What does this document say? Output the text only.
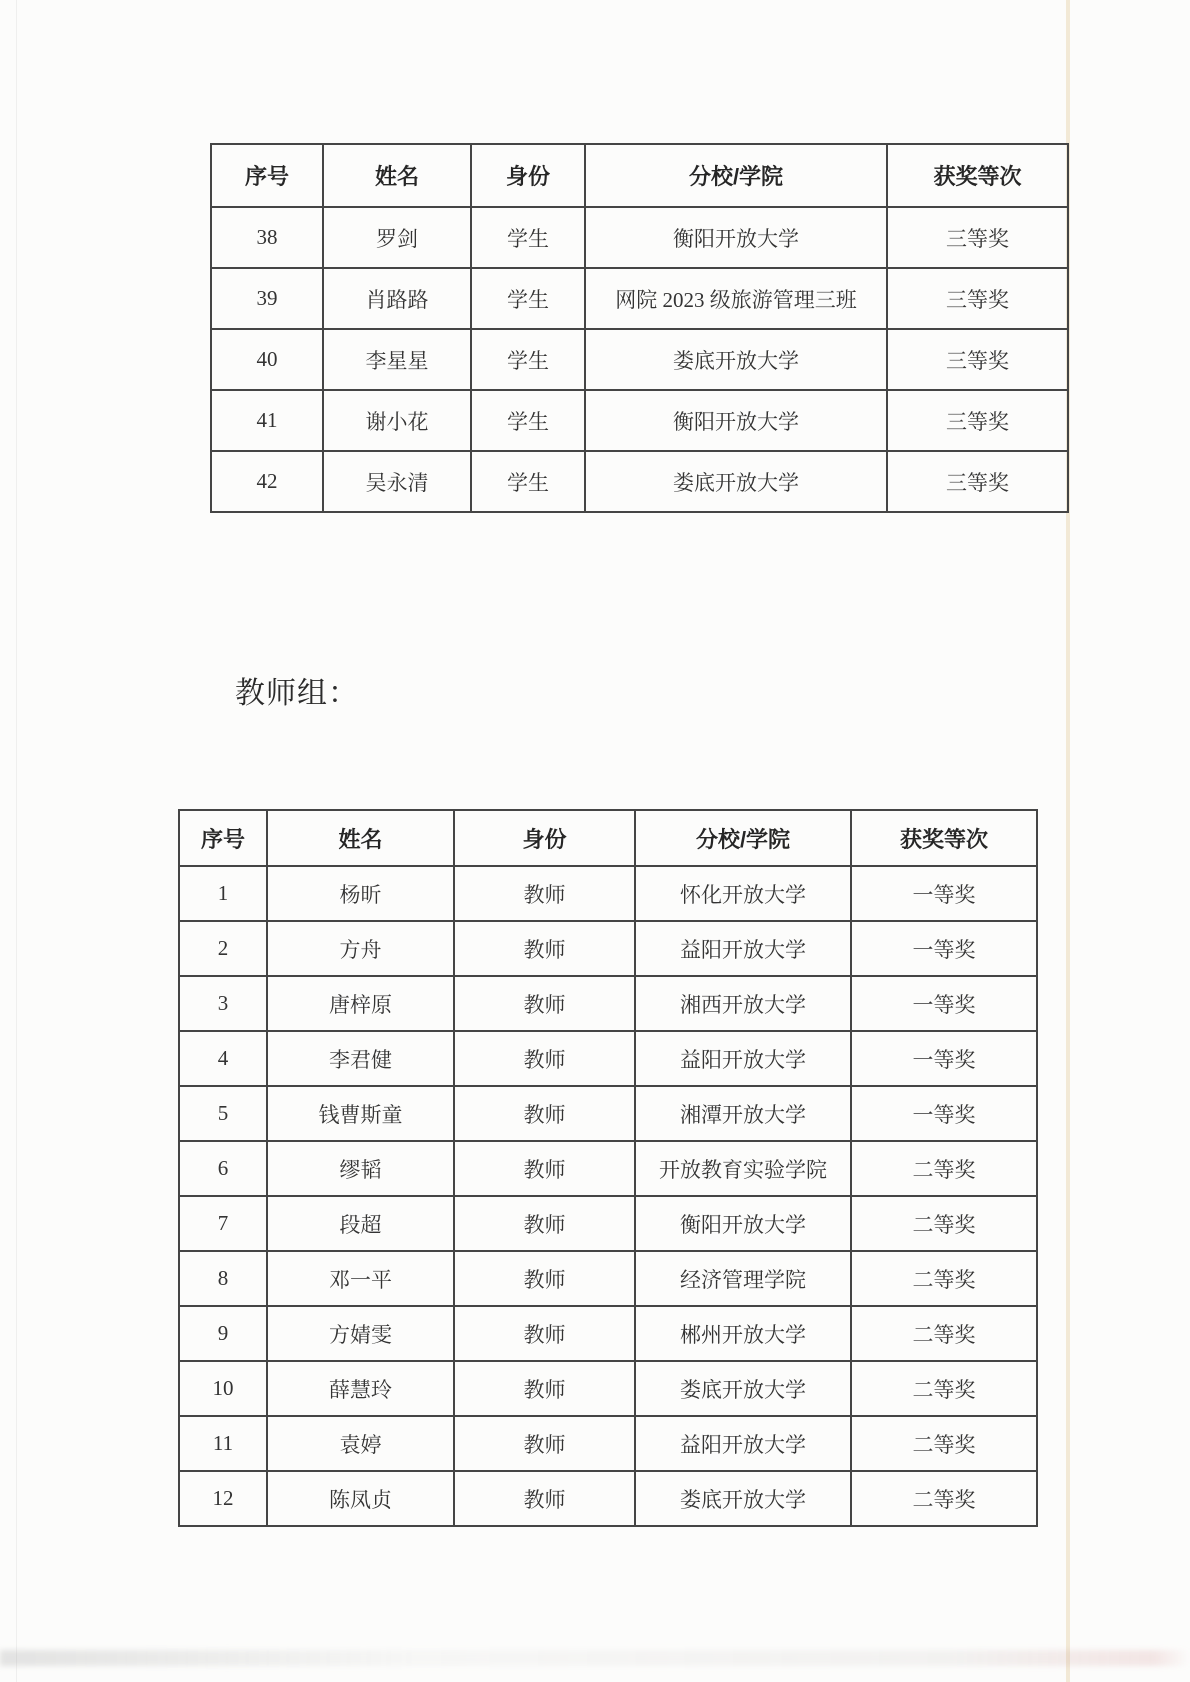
序号	姓名	身份	分校/学院	获奖等次
38	罗剑	学生	衡阳开放大学	三等奖
39	肖路路	学生	网院 2023 级旅游管理三班	三等奖
40	李星星	学生	娄底开放大学	三等奖
41	谢小花	学生	衡阳开放大学	三等奖
42	吴永清	学生	娄底开放大学	三等奖
教师组：
序号	姓名	身份	分校/学院	获奖等次
1	杨昕	教师	怀化开放大学	一等奖
2	方舟	教师	益阳开放大学	一等奖
3	唐梓原	教师	湘西开放大学	一等奖
4	李君健	教师	益阳开放大学	一等奖
5	钱曹斯童	教师	湘潭开放大学	一等奖
6	缪韬	教师	开放教育实验学院	二等奖
7	段超	教师	衡阳开放大学	二等奖
8	邓一平	教师	经济管理学院	二等奖
9	方婧雯	教师	郴州开放大学	二等奖
10	薛慧玲	教师	娄底开放大学	二等奖
11	袁婷	教师	益阳开放大学	二等奖
12	陈凤贞	教师	娄底开放大学	二等奖
